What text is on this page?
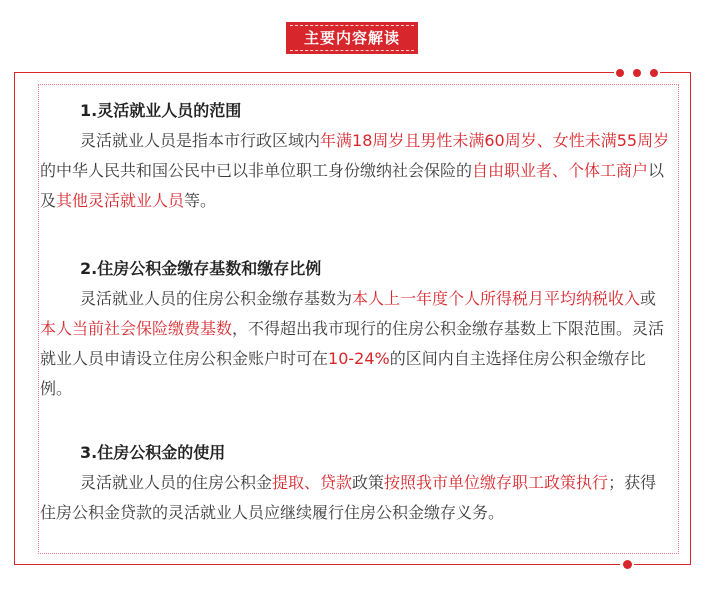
主要内容解读

1.灵活就业人员的范围

灵活就业人员是指本市行政区域内年满18周岁且男性未满60周岁、女性未满55周岁的中华人民共和国公民中已以非单位职工身份缴纳社会保险的自由职业者、个体工商户以及其他灵活就业人员等。

2.住房公积金缴存基数和缴存比例

灵活就业人员的住房公积金缴存基数为本人上一年度个人所得税月平均纳税收入或本人当前社会保险缴费基数，不得超出我市现行的住房公积金缴存基数上下限范围。灵活就业人员申请设立住房公积金账户时可在10-24%的区间内自主选择住房公积金缴存比例。

3.住房公积金的使用

灵活就业人员的住房公积金提取、贷款政策按照我市单位缴存职工政策执行；获得住房公积金贷款的灵活就业人员应继续履行住房公积金缴存义务。
